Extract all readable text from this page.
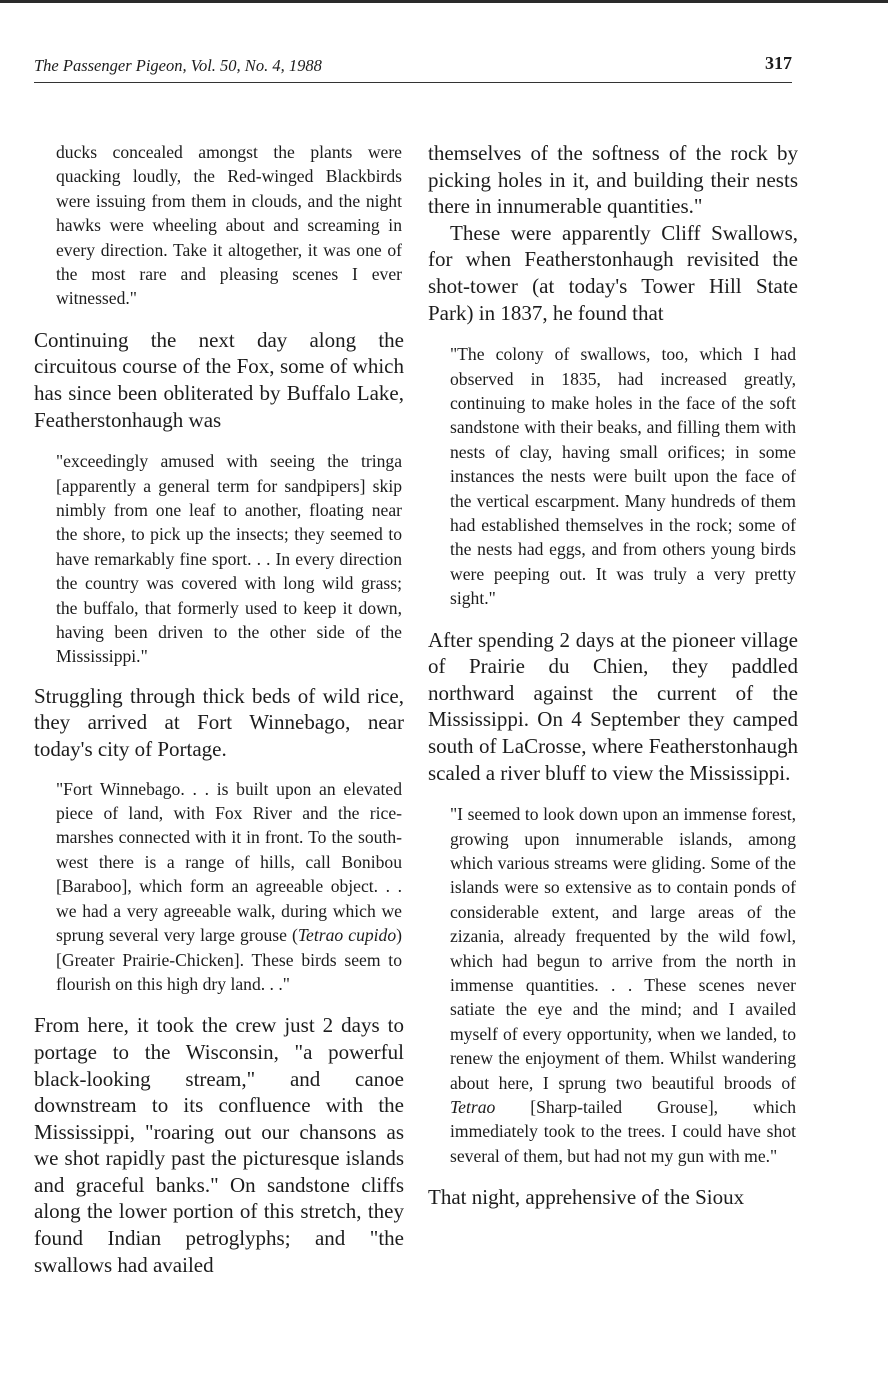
The Passenger Pigeon, Vol. 50, No. 4, 1988	317

ducks concealed amongst the plants were quacking loudly, the Red-winged Blackbirds were issuing from them in clouds, and the night hawks were wheeling about and screaming in every direction. Take it altogether, it was one of the most rare and pleasing scenes I ever witnessed."

Continuing the next day along the circuitous course of the Fox, some of which has since been obliterated by Buffalo Lake, Featherstonhaugh was

"exceedingly amused with seeing the tringa [apparently a general term for sandpipers] skip nimbly from one leaf to another, floating near the shore, to pick up the insects; they seemed to have remarkably fine sport. . . In every direction the country was covered with long wild grass; the buffalo, that formerly used to keep it down, having been driven to the other side of the Mississippi."

Struggling through thick beds of wild rice, they arrived at Fort Winnebago, near today's city of Portage.

"Fort Winnebago. . . is built upon an elevated piece of land, with Fox River and the rice-marshes connected with it in front. To the south-west there is a range of hills, call Bonibou [Baraboo], which form an agreeable object. . . we had a very agreeable walk, during which we sprung several very large grouse (Tetrao cupido) [Greater Prairie-Chicken]. These birds seem to flourish on this high dry land. . ."

From here, it took the crew just 2 days to portage to the Wisconsin, "a powerful black-looking stream," and canoe downstream to its confluence with the Mississippi, "roaring out our chansons as we shot rapidly past the picturesque islands and graceful banks." On sandstone cliffs along the lower portion of this stretch, they found Indian petroglyphs; and "the swallows had availed

themselves of the softness of the rock by picking holes in it, and building their nests there in innumerable quantities."

These were apparently Cliff Swallows, for when Featherstonhaugh revisited the shot-tower (at today's Tower Hill State Park) in 1837, he found that

"The colony of swallows, too, which I had observed in 1835, had increased greatly, continuing to make holes in the face of the soft sandstone with their beaks, and filling them with nests of clay, having small orifices; in some instances the nests were built upon the face of the vertical escarpment. Many hundreds of them had established themselves in the rock; some of the nests had eggs, and from others young birds were peeping out. It was truly a very pretty sight."

After spending 2 days at the pioneer village of Prairie du Chien, they paddled northward against the current of the Mississippi. On 4 September they camped south of LaCrosse, where Featherstonhaugh scaled a river bluff to view the Mississippi.

"I seemed to look down upon an immense forest, growing upon innumerable islands, among which various streams were gliding. Some of the islands were so extensive as to contain ponds of considerable extent, and large areas of the zizania, already frequented by the wild fowl, which had begun to arrive from the north in immense quantities. . . These scenes never satiate the eye and the mind; and I availed myself of every opportunity, when we landed, to renew the enjoyment of them. Whilst wandering about here, I sprung two beautiful broods of Tetrao [Sharp-tailed Grouse], which immediately took to the trees. I could have shot several of them, but had not my gun with me."

That night, apprehensive of the Sioux
